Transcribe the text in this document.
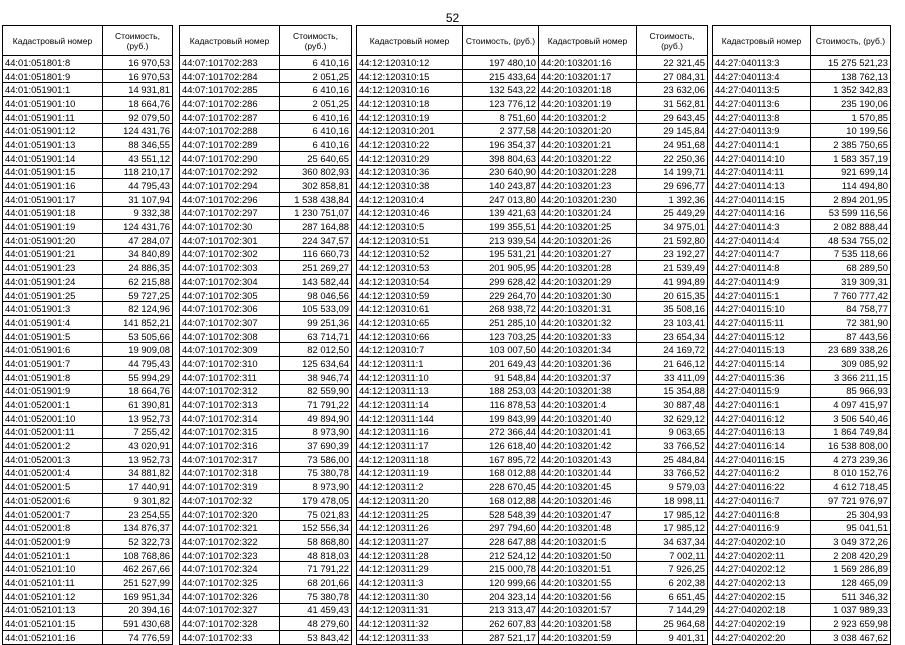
52
Кадастровый номер	Стоимость, (руб.)
44:01:051801:8	16 970,53
44:01:051801:9	16 970,53
44:01:051901:1	14 931,81
44:01:051901:10	18 664,76
44:01:051901:11	92 079,50
44:01:051901:12	124 431,76
44:01:051901:13	88 346,55
44:01:051901:14	43 551,12
44:01:051901:15	118 210,17
44:01:051901:16	44 795,43
44:01:051901:17	31 107,94
44:01:051901:18	9 332,38
44:01:051901:19	124 431,76
44:01:051901:20	47 284,07
44:01:051901:21	34 840,89
44:01:051901:23	24 886,35
44:01:051901:24	62 215,88
44:01:051901:25	59 727,25
44:01:051901:3	82 124,96
44:01:051901:4	141 852,21
44:01:051901:5	53 505,66
44:01:051901:6	19 909,08
44:01:051901:7	44 795,43
44:01:051901:8	55 994,29
44:01:051901:9	18 664,76
44:01:052001:1	61 390,81
44:01:052001:10	13 952,73
44:01:052001:11	7 255,42
44:01:052001:2	43 020,91
44:01:052001:3	13 952,73
44:01:052001:4	34 881,82
44:01:052001:5	17 440,91
44:01:052001:6	9 301,82
44:01:052001:7	23 254,55
44:01:052001:8	134 876,37
44:01:052001:9	52 322,73
44:01:052101:1	108 768,86
44:01:052101:10	462 267,66
44:01:052101:11	251 527,99
44:01:052101:12	169 951,34
44:01:052101:13	20 394,16
44:01:052101:15	591 430,68
44:01:052101:16	74 776,59
Кадастровый номер	Стоимость, (руб.)
44:07:101702:283	6 410,16
44:07:101702:284	2 051,25
44:07:101702:285	6 410,16
44:07:101702:286	2 051,25
44:07:101702:287	6 410,16
44:07:101702:288	6 410,16
44:07:101702:289	6 410,16
44:07:101702:290	25 640,65
44:07:101702:292	360 802,93
44:07:101702:294	302 858,81
44:07:101702:296	1 538 438,84
44:07:101702:297	1 230 751,07
44:07:101702:30	287 164,88
44:07:101702:301	224 347,57
44:07:101702:302	116 660,73
44:07:101702:303	251 269,27
44:07:101702:304	143 582,44
44:07:101702:305	98 046,56
44:07:101702:306	105 533,09
44:07:101702:307	99 251,36
44:07:101702:308	63 714,71
44:07:101702:309	82 012,50
44:07:101702:310	125 634,64
44:07:101702:311	38 946,74
44:07:101702:312	82 559,90
44:07:101702:313	71 791,22
44:07:101702:314	49 894,90
44:07:101702:315	8 973,90
44:07:101702:316	37 690,39
44:07:101702:317	73 586,00
44:07:101702:318	75 380,78
44:07:101702:319	8 973,90
44:07:101702:32	179 478,05
44:07:101702:320	75 021,83
44:07:101702:321	152 556,34
44:07:101702:322	58 868,80
44:07:101702:323	48 818,03
44:07:101702:324	71 791,22
44:07:101702:325	68 201,66
44:07:101702:326	75 380,78
44:07:101702:327	41 459,43
44:07:101702:328	48 279,60
44:07:101702:33	53 843,42
Кадастровый номер	Стоимость, (руб.)
44:12:120310:12	197 480,10
44:12:120310:15	215 433,64
44:12:120310:16	132 543,22
44:12:120310:18	123 776,12
44:12:120310:19	8 751,60
44:12:120310:201	2 377,58
44:12:120310:22	196 354,37
44:12:120310:29	398 804,63
44:12:120310:36	230 640,90
44:12:120310:38	140 243,87
44:12:120310:4	247 013,80
44:12:120310:46	139 421,63
44:12:120310:5	199 355,51
44:12:120310:51	213 939,54
44:12:120310:52	195 531,21
44:12:120310:53	201 905,95
44:12:120310:54	299 628,42
44:12:120310:59	229 264,70
44:12:120310:61	268 938,72
44:12:120310:65	251 285,10
44:12:120310:66	123 703,25
44:12:120310:7	103 007,50
44:12:120311:1	201 649,43
44:12:120311:10	91 548,84
44:12:120311:13	188 253,03
44:12:120311:14	116 878,53
44:12:120311:144	199 843,99
44:12:120311:16	272 366,44
44:12:120311:17	126 618,40
44:12:120311:18	167 895,72
44:12:120311:19	168 012,88
44:12:120311:2	228 670,45
44:12:120311:20	168 012,88
44:12:120311:25	528 548,39
44:12:120311:26	297 794,60
44:12:120311:27	228 647,88
44:12:120311:28	212 524,12
44:12:120311:29	215 000,78
44:12:120311:3	120 999,66
44:12:120311:30	204 323,14
44:12:120311:31	213 313,47
44:12:120311:32	262 607,83
44:12:120311:33	287 521,17
Кадастровый номер	Стоимость, (руб.)
44:20:103201:16	22 321,45
44:20:103201:17	27 084,31
44:20:103201:18	23 632,06
44:20:103201:19	31 562,81
44:20:103201:2	29 643,45
44:20:103201:20	29 145,84
44:20:103201:21	24 951,68
44:20:103201:22	22 250,36
44:20:103201:228	14 199,71
44:20:103201:23	29 696,77
44:20:103201:230	1 392,36
44:20:103201:24	25 449,29
44:20:103201:25	34 975,01
44:20:103201:26	21 592,80
44:20:103201:27	23 192,27
44:20:103201:28	21 539,49
44:20:103201:29	41 994,89
44:20:103201:30	20 615,35
44:20:103201:31	35 508,16
44:20:103201:32	23 103,41
44:20:103201:33	23 654,34
44:20:103201:34	24 169,72
44:20:103201:36	21 646,12
44:20:103201:37	33 411,09
44:20:103201:38	15 354,88
44:20:103201:4	30 887,48
44:20:103201:40	32 629,12
44:20:103201:41	9 063,65
44:20:103201:42	33 766,52
44:20:103201:43	25 484,84
44:20:103201:44	33 766,52
44:20:103201:45	9 579,03
44:20:103201:46	18 998,11
44:20:103201:47	17 985,12
44:20:103201:48	17 985,12
44:20:103201:5	34 637,34
44:20:103201:50	7 002,11
44:20:103201:51	7 926,25
44:20:103201:55	6 202,38
44:20:103201:56	6 651,45
44:20:103201:57	7 144,29
44:20:103201:58	25 964,68
44:20:103201:59	9 401,31
Кадастровый номер	Стоимость, (руб.)
44:27:040113:3	15 275 521,23
44:27:040113:4	138 762,13
44:27:040113:5	1 352 342,83
44:27:040113:6	235 190,06
44:27:040113:8	1 570,85
44:27:040113:9	10 199,56
44:27:040114:1	2 385 750,65
44:27:040114:10	1 583 357,19
44:27:040114:11	921 699,14
44:27:040114:13	114 494,80
44:27:040114:15	2 894 201,95
44:27:040114:16	53 599 116,56
44:27:040114:3	2 082 888,44
44:27:040114:4	48 534 755,02
44:27:040114:7	7 535 118,66
44:27:040114:8	68 289,50
44:27:040114:9	319 309,31
44:27:040115:1	7 760 777,42
44:27:040115:10	84 758,77
44:27:040115:11	72 381,90
44:27:040115:12	87 443,56
44:27:040115:13	23 689 338,26
44:27:040115:14	309 085,92
44:27:040115:36	3 366 211,15
44:27:040115:9	85 966,93
44:27:040116:1	4 097 415,97
44:27:040116:12	3 506 540,46
44:27:040116:13	1 864 749,84
44:27:040116:14	16 538 808,00
44:27:040116:15	4 273 239,36
44:27:040116:2	8 010 152,76
44:27:040116:22	4 612 718,45
44:27:040116:7	97 721 976,97
44:27:040116:8	25 304,93
44:27:040116:9	95 041,51
44:27:040202:10	3 049 372,26
44:27:040202:11	2 208 420,29
44:27:040202:12	1 569 286,89
44:27:040202:13	128 465,09
44:27:040202:15	511 346,32
44:27:040202:18	1 037 989,33
44:27:040202:19	2 923 659,98
44:27:040202:20	3 038 467,62
